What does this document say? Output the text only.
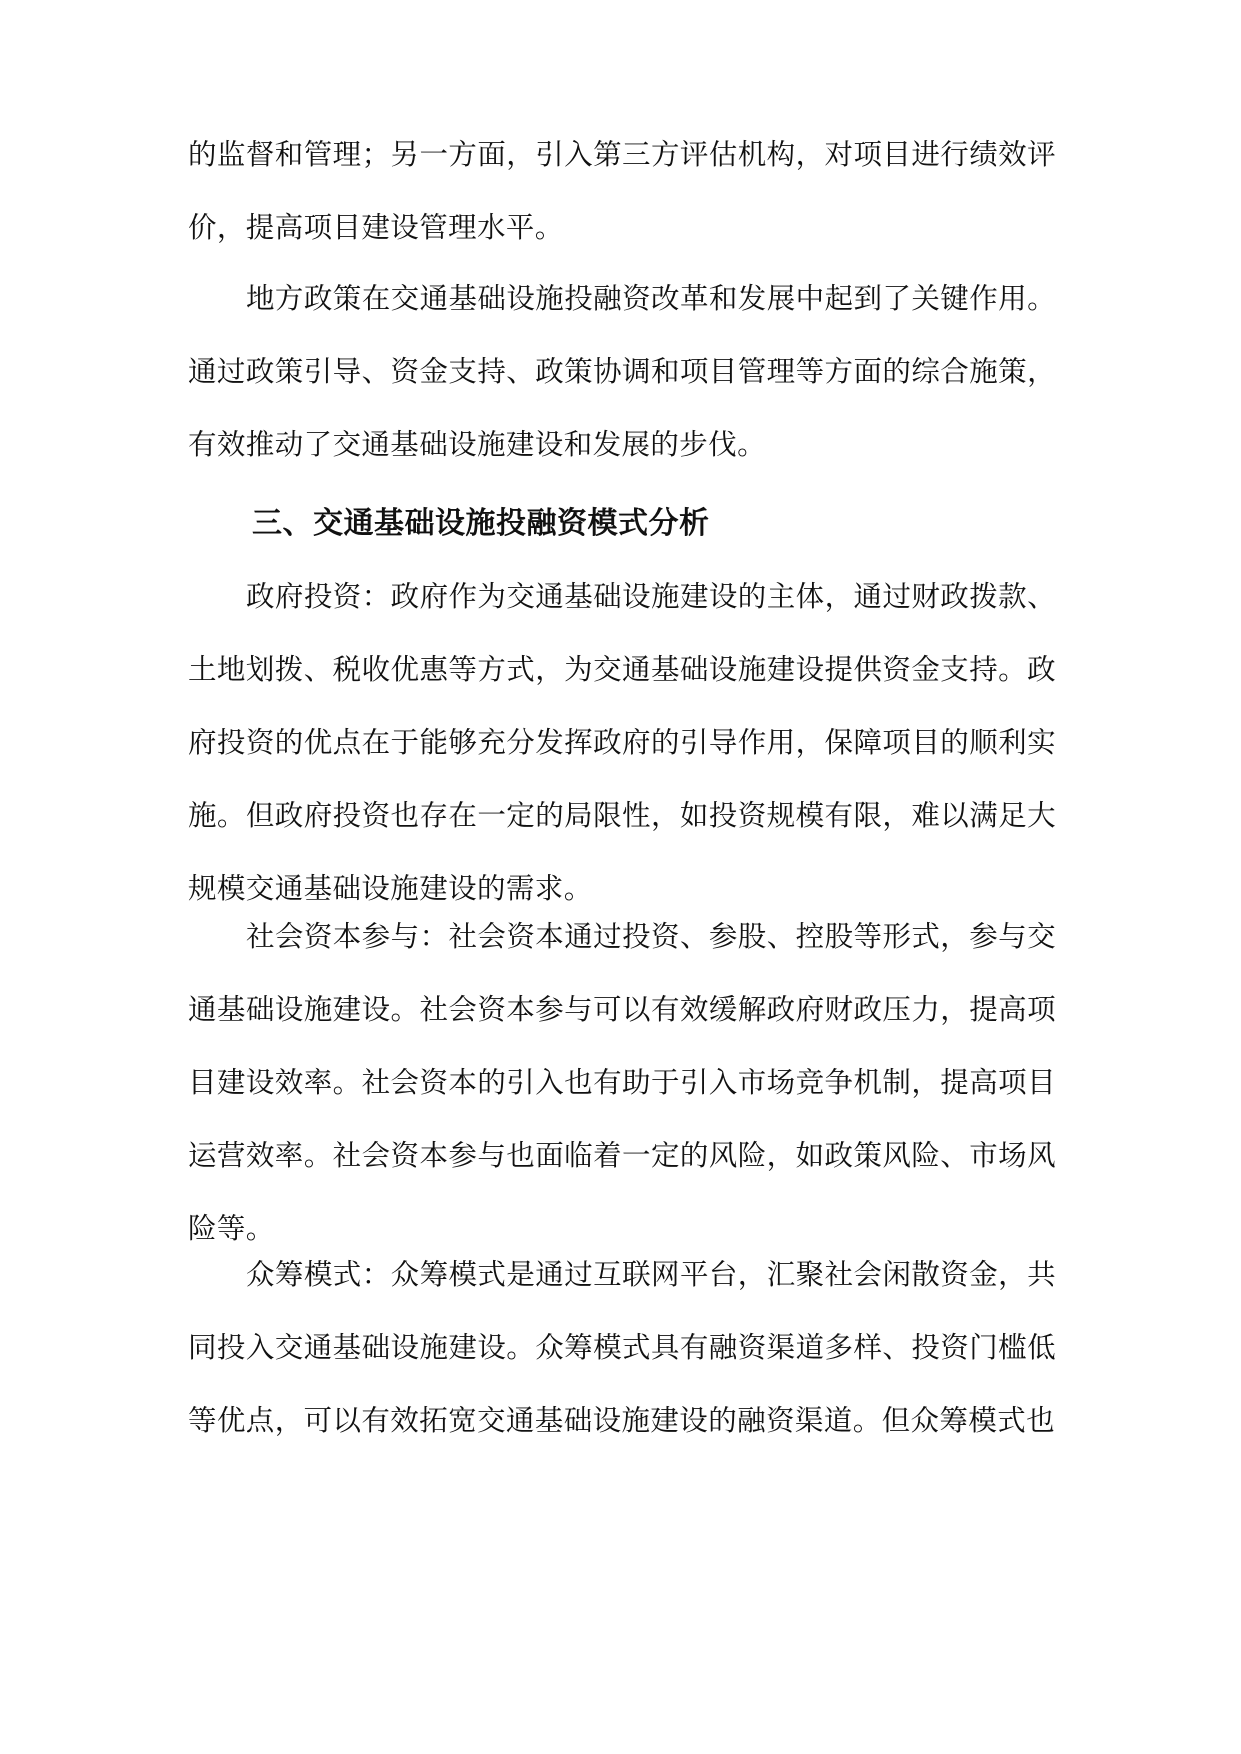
的监督和管理；另一方面，引入第三方评估机构，对项目进行绩效评价，提高项目建设管理水平。

地方政策在交通基础设施投融资改革和发展中起到了关键作用。通过政策引导、资金支持、政策协调和项目管理等方面的综合施策，有效推动了交通基础设施建设和发展的步伐。

三、交通基础设施投融资模式分析

政府投资：政府作为交通基础设施建设的主体，通过财政拨款、土地划拨、税收优惠等方式，为交通基础设施建设提供资金支持。政府投资的优点在于能够充分发挥政府的引导作用，保障项目的顺利实施。但政府投资也存在一定的局限性，如投资规模有限，难以满足大规模交通基础设施建设的需求。

社会资本参与：社会资本通过投资、参股、控股等形式，参与交通基础设施建设。社会资本参与可以有效缓解政府财政压力，提高项目建设效率。社会资本的引入也有助于引入市场竞争机制，提高项目运营效率。社会资本参与也面临着一定的风险，如政策风险、市场风险等。

众筹模式：众筹模式是通过互联网平台，汇聚社会闲散资金，共同投入交通基础设施建设。众筹模式具有融资渠道多样、投资门槛低等优点，可以有效拓宽交通基础设施建设的融资渠道。但众筹模式也
